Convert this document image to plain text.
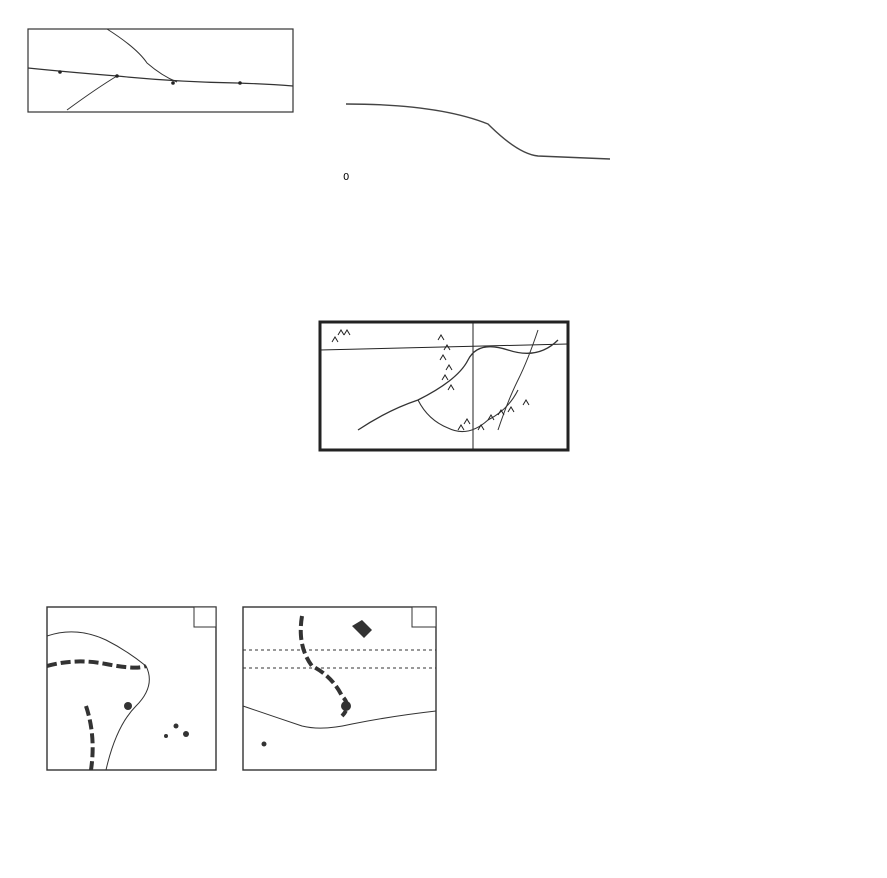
0
